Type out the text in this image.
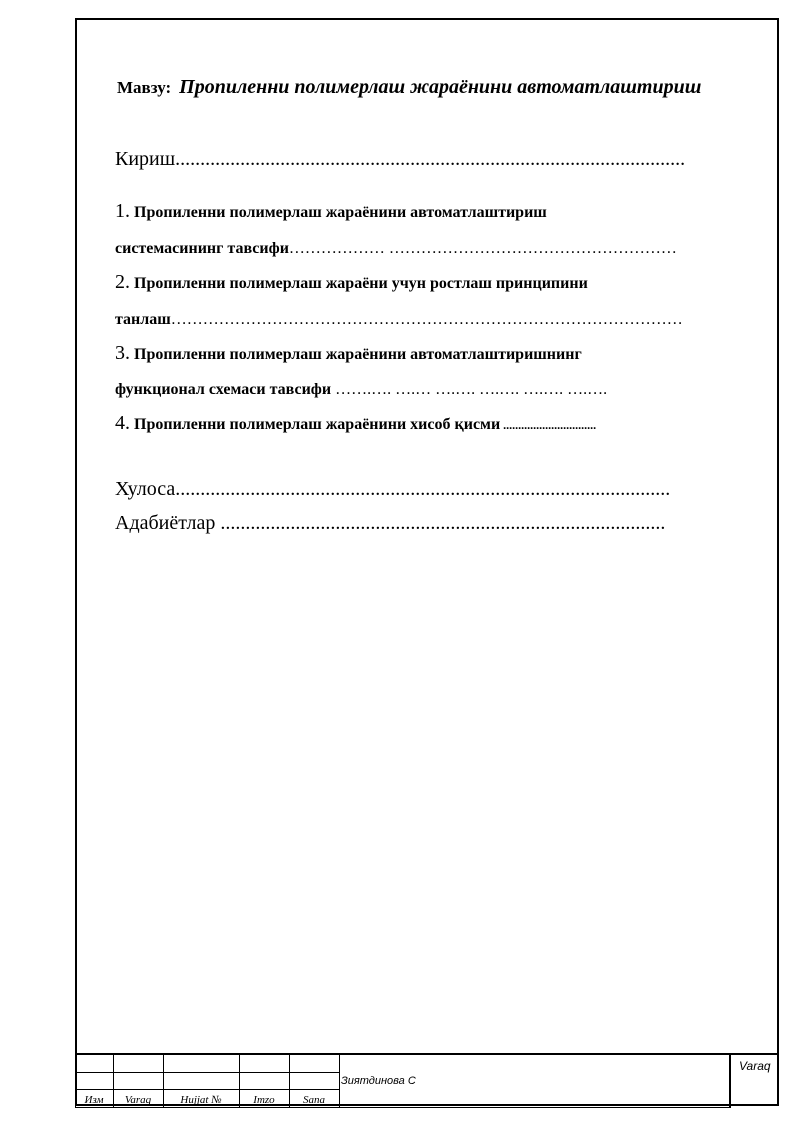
Мавзу: Пропиленни полимерлаш жараёнини автоматлаштириш
Кириш......................................................................................................
1. Пропиленни полимерлаш жараёнини автоматлаштириш
системасининг тавсифи……………… ………………………………………………
2. Пропиленни полимерлаш жараёни учун ростлаш принципини
танлаш……………………………………………………………………………………
3. Пропиленни полимерлаш жараёнини автоматлаштиришнинг
функционал схемаси тавсифи …….…. ….… ….…. ….…. ….…. ….….
4. Пропиленни полимерлаш жараёнини хисоб қисми ...............................
Хулоса...................................................................................................
Адабиётлар .........................................................................................
Изм	Varaq	Hujjat №	Imzo	Sana
Зиятдинова С
Varaq
